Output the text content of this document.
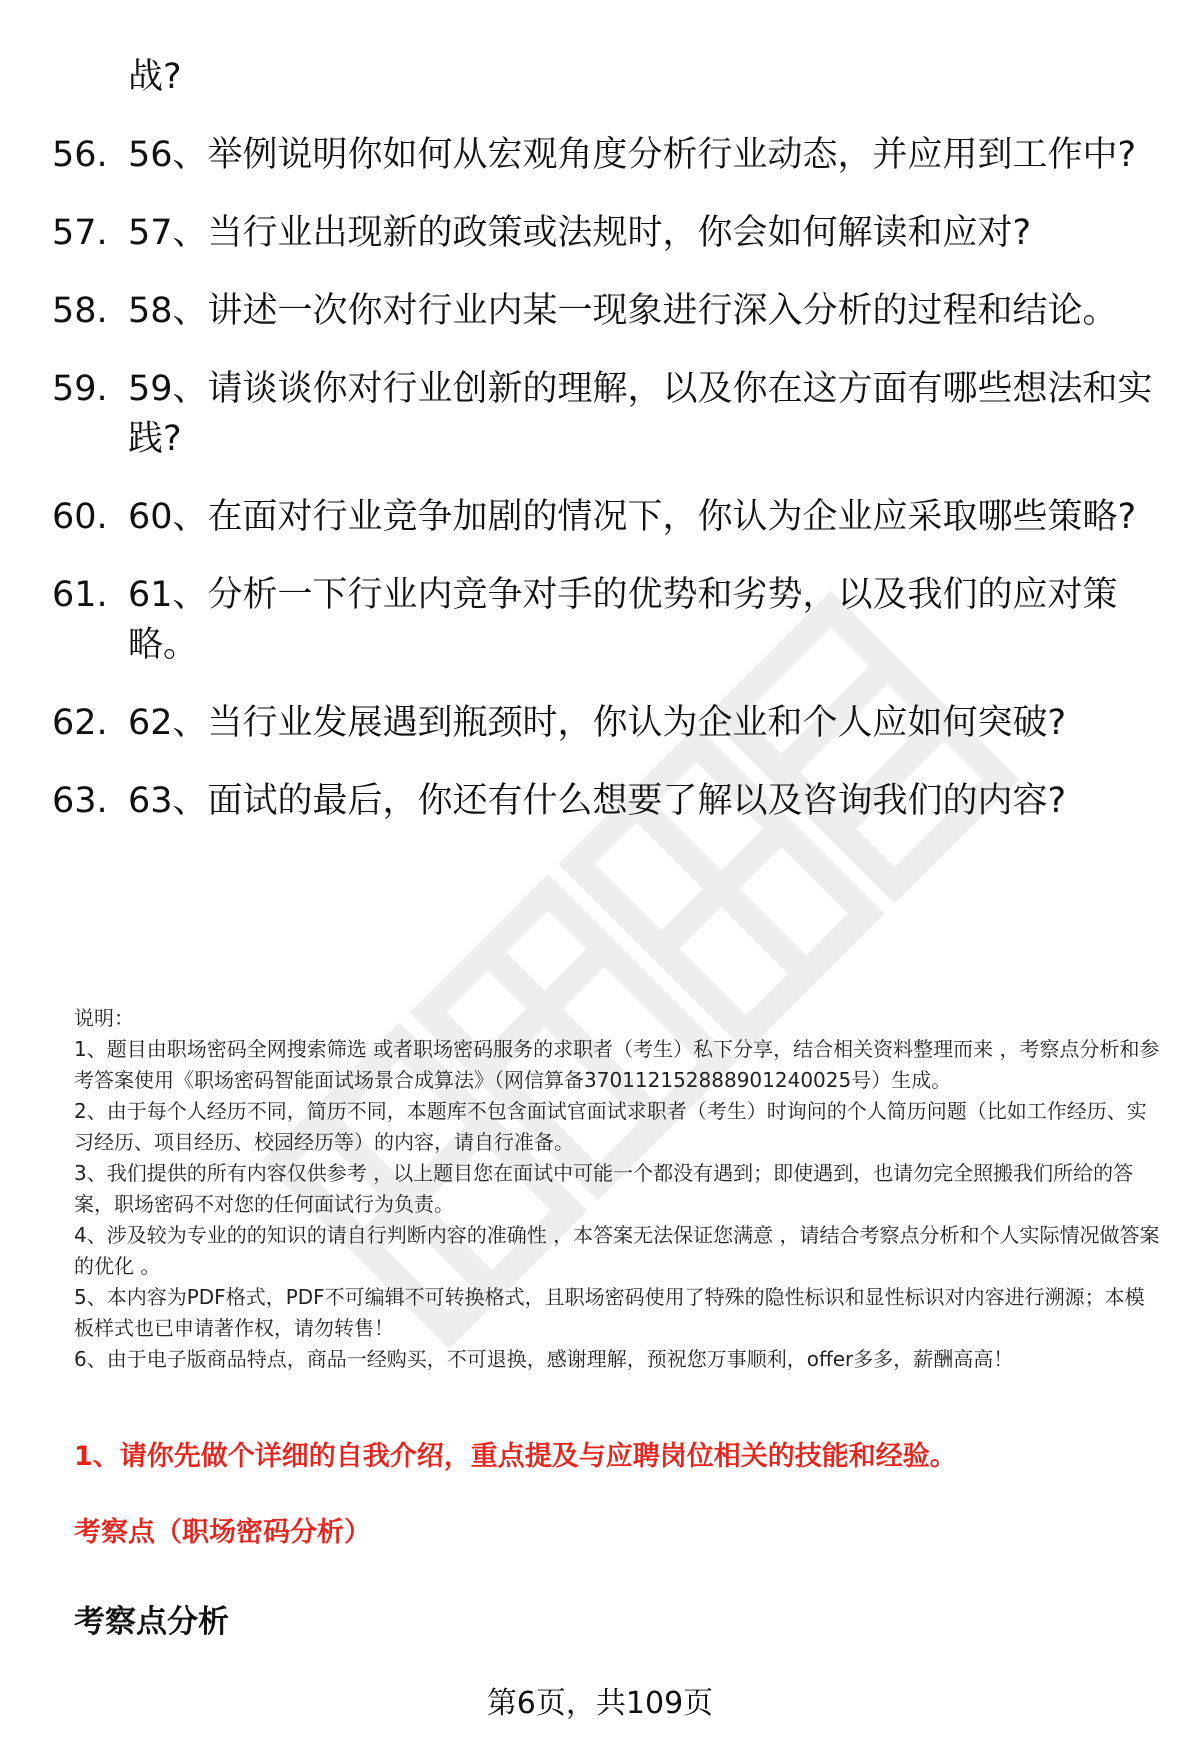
战?
56. 56、举例说明你如何从宏观角度分析行业动态，并应用到工作中?
57. 57、当行业出现新的政策或法规时，你会如何解读和应对?
58. 58、讲述一次你对行业内某一现象进行深入分析的过程和结论。
59. 59、请谈谈你对行业创新的理解，以及你在这方面有哪些想法和实践?
60. 60、在面对行业竞争加剧的情况下，你认为企业应采取哪些策略?
61. 61、分析一下行业内竞争对手的优势和劣势，以及我们的应对策略。
62. 62、当行业发展遇到瓶颈时，你认为企业和个人应如何突破?
63. 63、面试的最后，你还有什么想要了解以及咨询我们的内容?

说明：

1、题目由职场密码全网搜索筛选 或者职场密码服务的求职者（考生）私下分享，结合相关资料整理而来 ，考察点分析和参考答案使用《职场密码智能面试场景合成算法》（网信算备370112152888901240025号）生成。

2、由于每个人经历不同，简历不同，本题库不包含面试官面试求职者（考生）时询问的个人简历问题（比如工作经历、实习经历、项目经历、校园经历等）的内容，请自行准备。

3、我们提供的所有内容仅供参考 ，以上题目您在面试中可能一个都没有遇到；即使遇到，也请勿完全照搬我们所给的答案，职场密码不对您的任何面试行为负责。

4、涉及较为专业的的知识的请自行判断内容的准确性 ，本答案无法保证您满意 ，请结合考察点分析和个人实际情况做答案的优化 。

5、本内容为PDF格式，PDF不可编辑不可转换格式，且职场密码使用了特殊的隐性标识和显性标识对内容进行溯源；本模板样式也已申请著作权，请勿转售！

6、由于电子版商品特点，商品一经购买，不可退换，感谢理解，预祝您万事顺利，offer多多，薪酬高高！

1、请你先做个详细的自我介绍，重点提及与应聘岗位相关的技能和经验。
考察点（职场密码分析）
考察点分析
第6页，共109页
